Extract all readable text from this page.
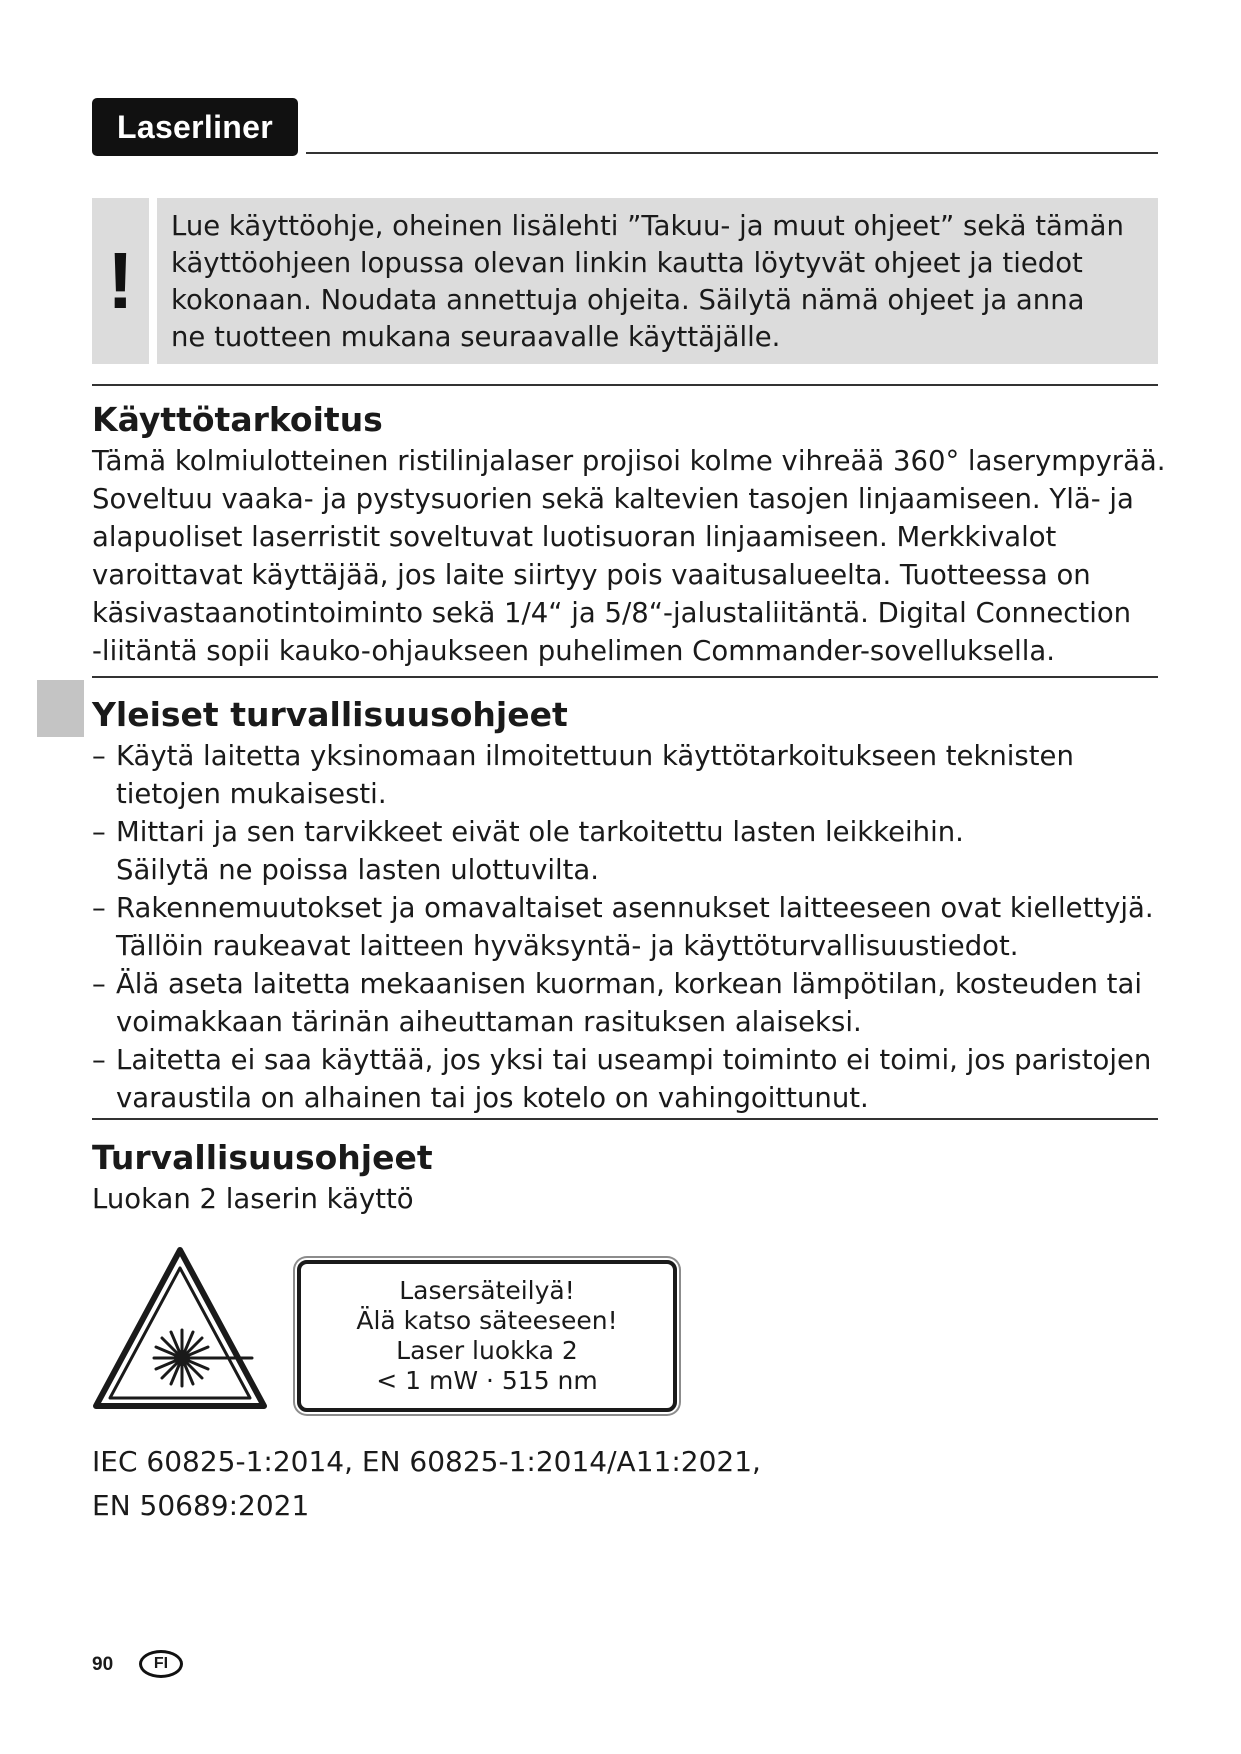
Laserliner
!

Lue käyttöohje, oheinen lisälehti ”Takuu- ja muut ohjeet” sekä tämän
käyttöohjeen lopussa olevan linkin kautta löytyvät ohjeet ja tiedot
kokonaan. Noudata annettuja ohjeita. Säilytä nämä ohjeet ja anna
ne tuotteen mukana seuraavalle käyttäjälle.

Käyttötarkoitus

Tämä kolmiulotteinen ristilinjalaser projisoi kolme vihreää 360° laserympyrää.
Soveltuu vaaka- ja pystysuorien sekä kaltevien tasojen linjaamiseen. Ylä- ja
alapuoliset laserristit soveltuvat luotisuoran linjaamiseen. Merkkivalot
varoittavat käyttäjää, jos laite siirtyy pois vaaitusalueelta. Tuotteessa on
käsivastaanotintoiminto sekä 1/4“ ja 5/8“-jalustaliitäntä. Digital Connection
-liitäntä sopii kauko-ohjaukseen puhelimen Commander-sovelluksella.

Yleiset turvallisuusohjeet
– Käytä laitetta yksinomaan ilmoitettuun käyttötarkoitukseen teknisten
tietojen mukaisesti.
– Mittari ja sen tarvikkeet eivät ole tarkoitettu lasten leikkeihin.
Säilytä ne poissa lasten ulottuvilta.
– Rakennemuutokset ja omavaltaiset asennukset laitteeseen ovat kiellettyjä.
Tällöin raukeavat laitteen hyväksyntä- ja käyttöturvallisuustiedot.
– Älä aseta laitetta mekaanisen kuorman, korkean lämpötilan, kosteuden tai
voimakkaan tärinän aiheuttaman rasituksen alaiseksi.
– Laitetta ei saa käyttää, jos yksi tai useampi toiminto ei toimi, jos paristojen
varaustila on alhainen tai jos kotelo on vahingoittunut.
Turvallisuusohjeet

Luokan 2 laserin käyttö

Lasersäteilyä!
Älä katso säteeseen!
Laser luokka 2
< 1 mW · 515 nm
IEC 60825-1:2014, EN 60825-1:2014/A11:2021,
EN 50689:2021
90	FI
